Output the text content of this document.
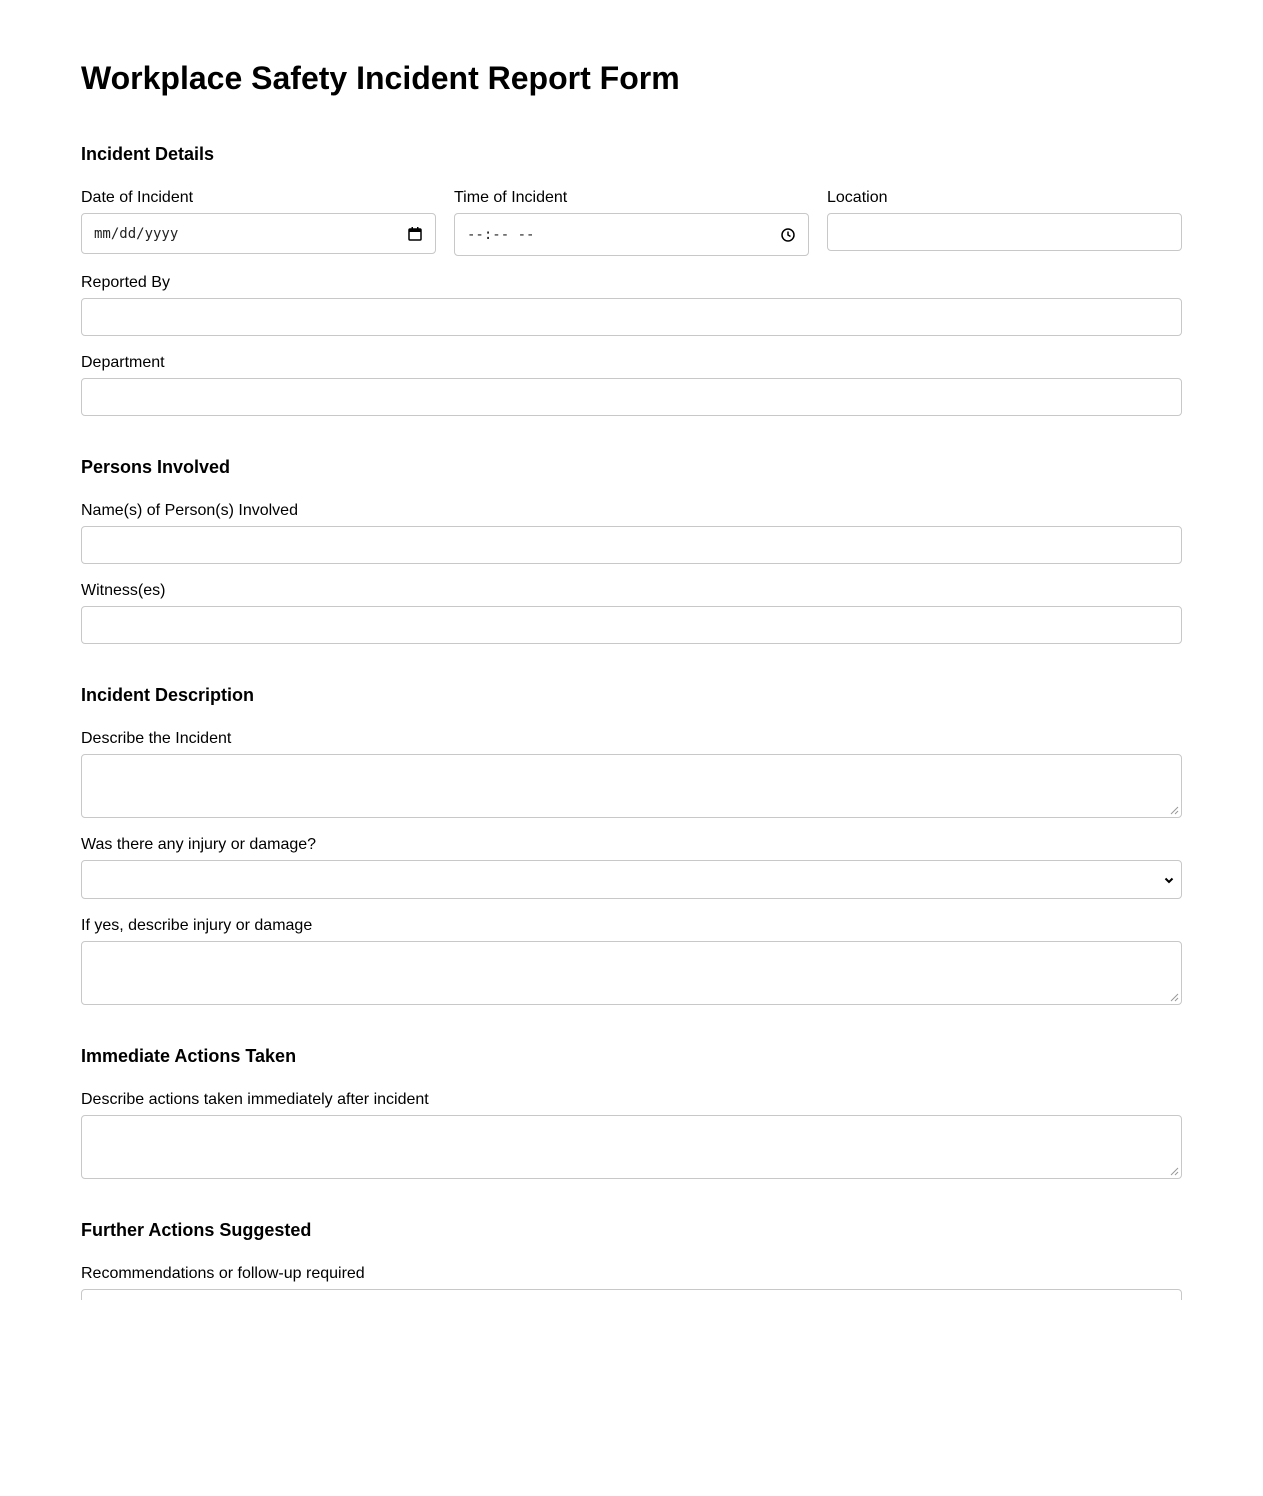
Workplace Safety Incident Report Form
Incident Details
Date of Incident
mm/dd/yyyy
Time of Incident
--:-- --
Location
Reported By
Department
Persons Involved
Name(s) of Person(s) Involved
Witness(es)
Incident Description
Describe the Incident
Was there any injury or damage?
If yes, describe injury or damage
Immediate Actions Taken
Describe actions taken immediately after incident
Further Actions Suggested
Recommendations or follow-up required
